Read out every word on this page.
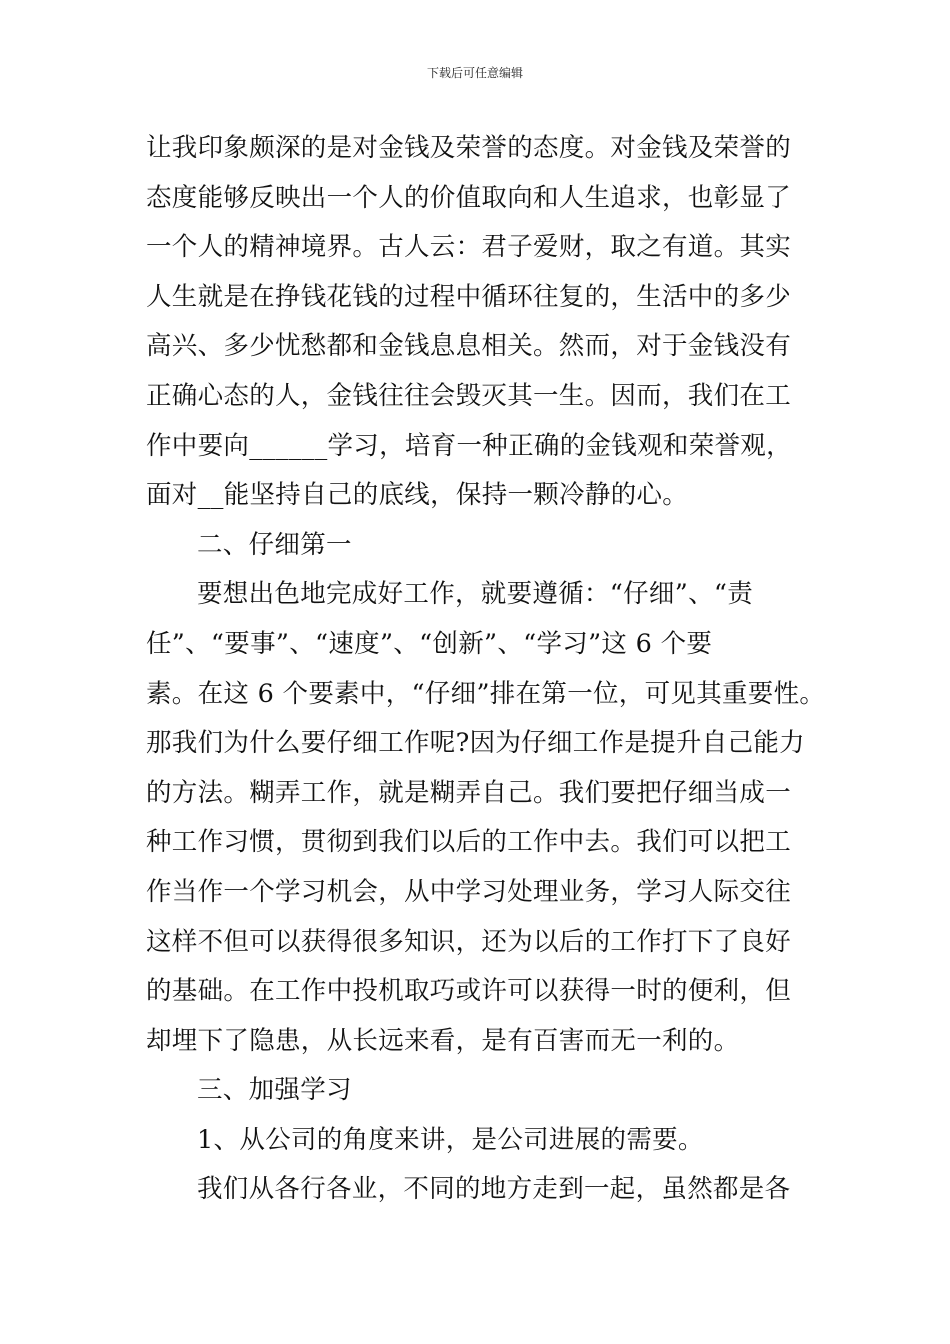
下载后可任意编辑

让我印象颇深的是对金钱及荣誉的态度。对金钱及荣誉的
态度能够反映出一个人的价值取向和人生追求，也彰显了
一个人的精神境界。古人云：君子爱财，取之有道。其实
人生就是在挣钱花钱的过程中循环往复的，生活中的多少
高兴、多少忧愁都和金钱息息相关。然而，对于金钱没有
正确心态的人，金钱往往会毁灭其一生。因而，我们在工
作中要向______学习，培育一种正确的金钱观和荣誉观，
面对__能坚持自己的底线，保持一颗冷静的心。

二、仔细第一

要想出色地完成好工作，就要遵循：“仔细”、“责

任”、“要事”、“速度”、“创新”、“学习”这 6 个要
素。在这 6 个要素中，“仔细”排在第一位，可见其重要性。
那我们为什么要仔细工作呢?因为仔细工作是提升自己能力
的方法。糊弄工作，就是糊弄自己。我们要把仔细当成一
种工作习惯，贯彻到我们以后的工作中去。我们可以把工
作当作一个学习机会，从中学习处理业务，学习人际交往
这样不但可以获得很多知识，还为以后的工作打下了良好
的基础。在工作中投机取巧或许可以获得一时的便利，但
却埋下了隐患，从长远来看，是有百害而无一利的。

三、加强学习

1、从公司的角度来讲，是公司进展的需要。

我们从各行各业，不同的地方走到一起，虽然都是各
